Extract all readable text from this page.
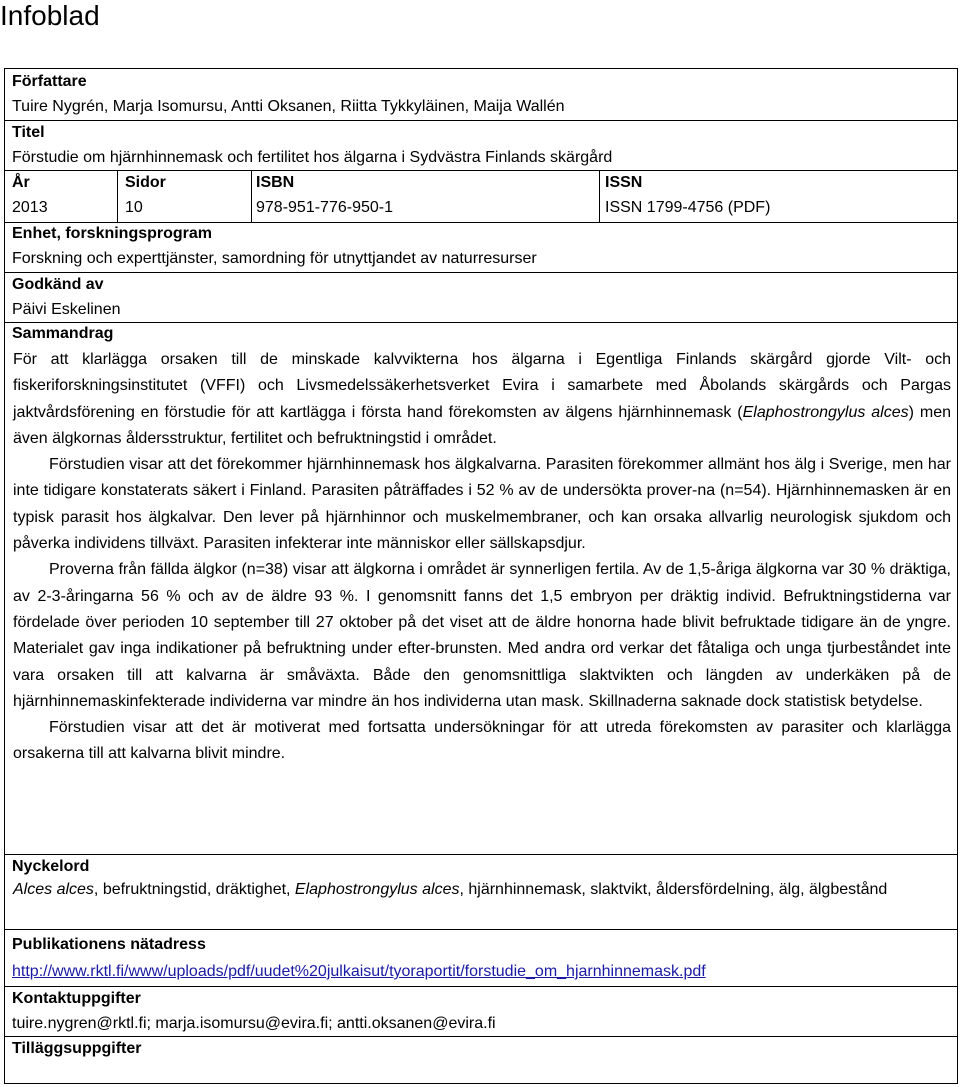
Infoblad
Författare
Tuire Nygrén, Marja Isomursu, Antti Oksanen, Riitta Tykkyläinen, Maija Wallén
Titel
Förstudie om hjärnhinnemask och fertilitet hos älgarna i Sydvästra Finlands skärgård
År
2013
Sidor
10
ISBN
978-951-776-950-1
ISSN
ISSN 1799-4756 (PDF)
Enhet, forskningsprogram
Forskning och experttjänster, samordning för utnyttjandet av naturresurser
Godkänd av
Päivi Eskelinen
Sammandrag

För att klarlägga orsaken till de minskade kalvvikterna hos älgarna i Egentliga Finlands skärgård gjorde Vilt- och fiskeriforskningsinstitutet (VFFI) och Livsmedelssäkerhetsverket Evira i samarbete med Åbolands skärgårds och Pargas jaktvårdsförening en förstudie för att kartlägga i första hand förekomsten av älgens hjärnhinnemask (Elaphostrongylus alces) men även älgkornas åldersstruktur, fertilitet och befruktningstid i området.

Förstudien visar att det förekommer hjärnhinnemask hos älgkalvarna. Parasiten förekommer allmänt hos älg i Sverige, men har inte tidigare konstaterats säkert i Finland. Parasiten påträffades i 52 % av de undersökta prover-na (n=54). Hjärnhinnemasken är en typisk parasit hos älgkalvar. Den lever på hjärnhinnor och muskelmembraner, och kan orsaka allvarlig neurologisk sjukdom och påverka individens tillväxt. Parasiten infekterar inte människor eller sällskapsdjur.

Proverna från fällda älgkor (n=38) visar att älgkorna i området är synnerligen fertila. Av de 1,5-åriga älgkorna var 30 % dräktiga, av 2-3-åringarna 56 % och av de äldre 93 %. I genomsnitt fanns det 1,5 embryon per dräktig individ. Befruktningstiderna var fördelade över perioden 10 september till 27 oktober på det viset att de äldre honorna hade blivit befruktade tidigare än de yngre. Materialet gav inga indikationer på befruktning under efter-brunsten. Med andra ord verkar det fåtaliga och unga tjurbeståndet inte vara orsaken till att kalvarna är småväxta. Både den genomsnittliga slaktvikten och längden av underkäken på de hjärnhinnemaskinfekterade individerna var mindre än hos individerna utan mask. Skillnaderna saknade dock statistisk betydelse.

Förstudien visar att det är motiverat med fortsatta undersökningar för att utreda förekomsten av parasiter och klarlägga orsakerna till att kalvarna blivit mindre.

Nyckelord
Alces alces, befruktningstid, dräktighet, Elaphostrongylus alces, hjärnhinnemask, slaktvikt, åldersfördelning, älg, älgbestånd
Publikationens nätadress
http://www.rktl.fi/www/uploads/pdf/uudet%20julkaisut/tyoraportit/forstudie_om_hjarnhinnemask.pdf
Kontaktuppgifter
tuire.nygren@rktl.fi; marja.isomursu@evira.fi; antti.oksanen@evira.fi
Tilläggsuppgifter
